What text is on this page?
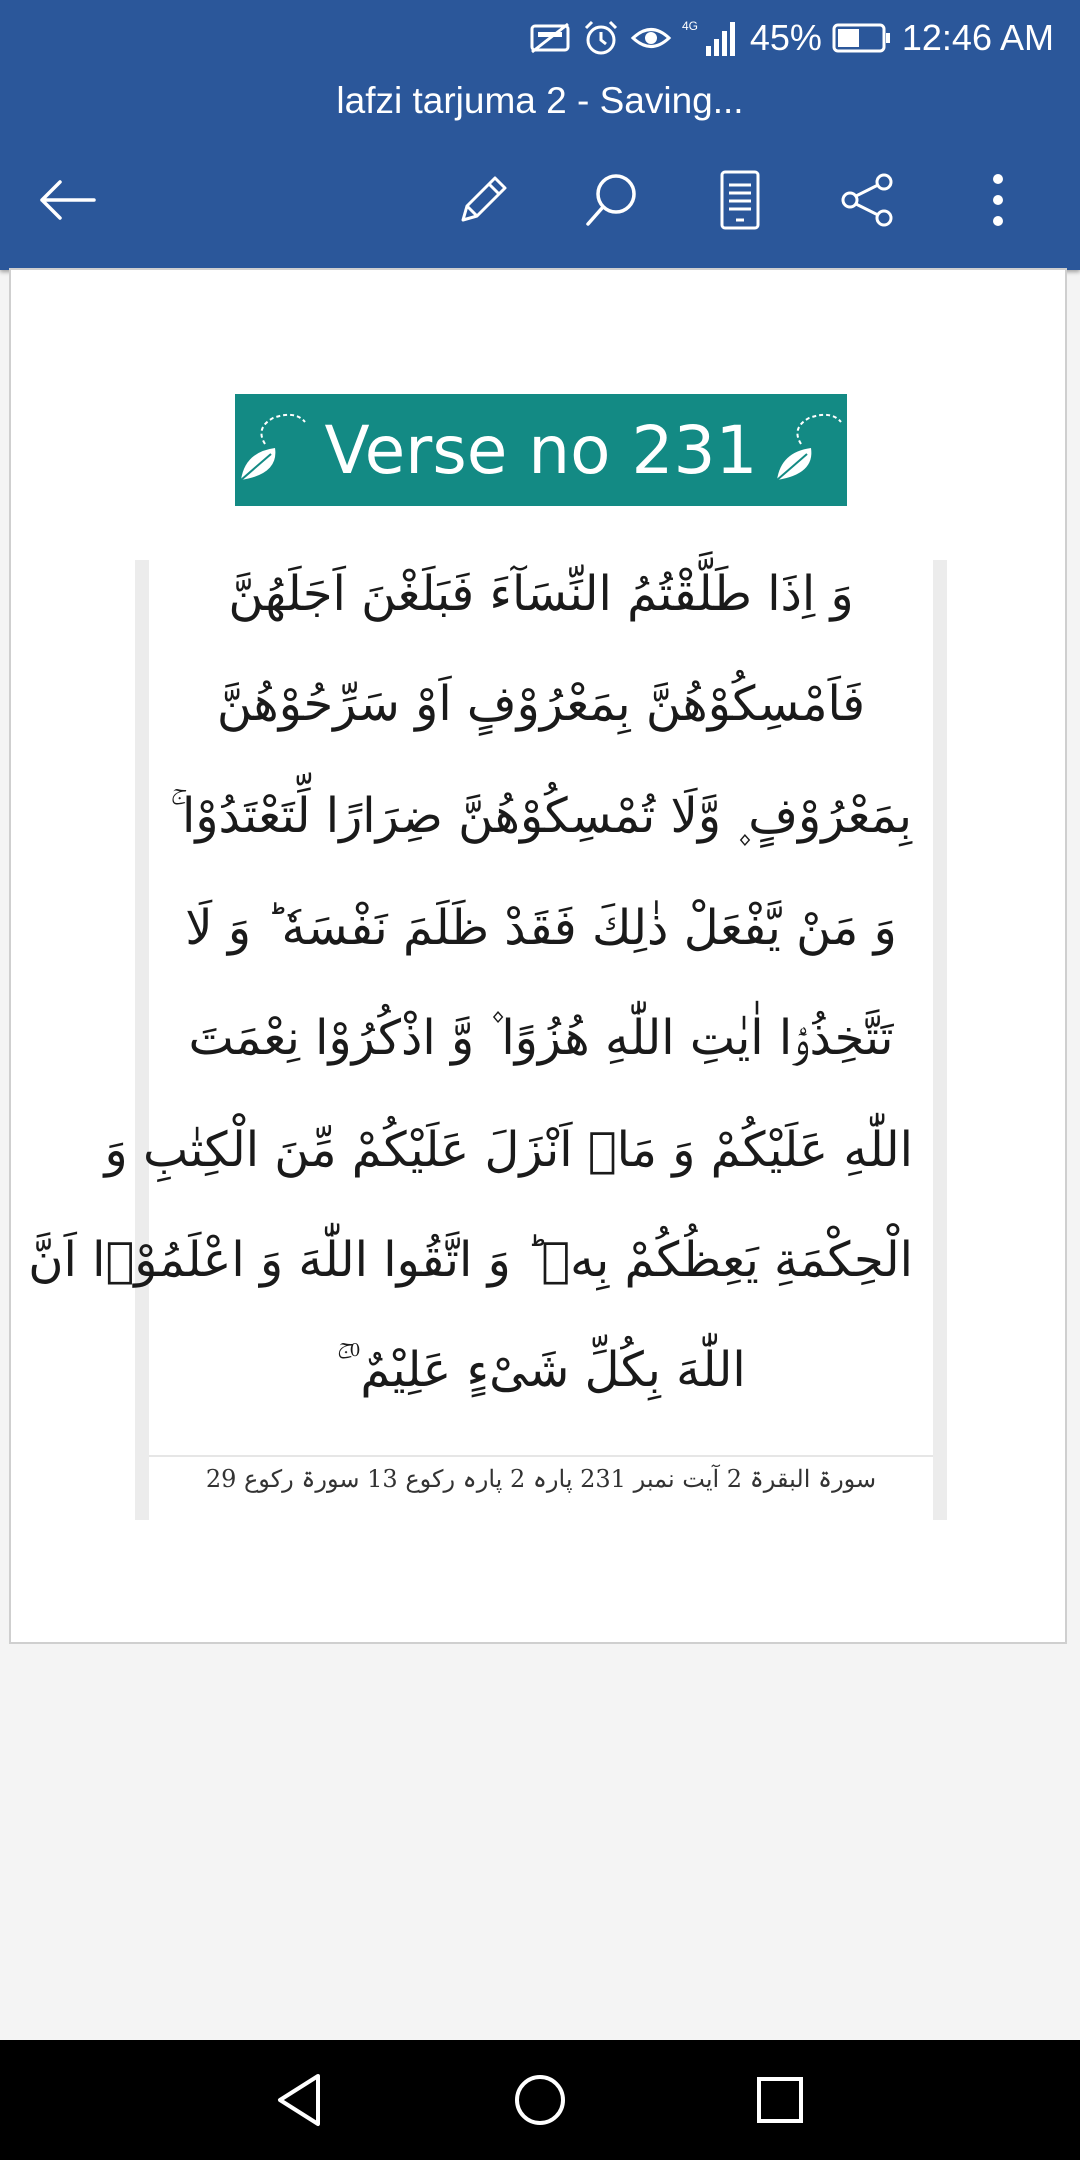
4G 45% 12:46 AM
lafzi tarjuma 2 - Saving...
Verse no 231
وَ اِذَا طَلَّقْتُمُ النِّسَآءَ فَبَلَغْنَ اَجَلَهُنَّ
فَاَمْسِكُوْهُنَّ بِمَعْرُوْفٍ اَوْ سَرِّحُوْهُنَّ
بِمَعْرُوْفٍ ۪ وَّلَا تُمْسِكُوْهُنَّ ضِرَارًا لِّتَعْتَدُوْا ۚ
وَ مَنْ يَّفْعَلْ ذٰلِكَ فَقَدْ ظَلَمَ نَفْسَهٗ ؕ وَ لَا
تَتَّخِذُوْۤا اٰيٰتِ اللّٰهِ هُزُوًا ۫ وَّ اذْكُرُوْا نِعْمَتَ
اللّٰهِ عَلَيْكُمْ وَ مَاۤ اَنْزَلَ عَلَيْكُمْ مِّنَ الْكِتٰبِ وَ
الْحِكْمَةِ يَعِظُكُمْ بِهٖ ؕ وَ اتَّقُوا اللّٰهَ وَ اعْلَمُوْۤا اَنَّ
اللّٰهَ بِكُلِّ شَیْءٍ عَلِیْمٌ ۠ ۚ
سورۃ البقرۃ 2 آیت نمبر 231 پارہ 2 پارہ رکوع 13 سورۃ رکوع 29
